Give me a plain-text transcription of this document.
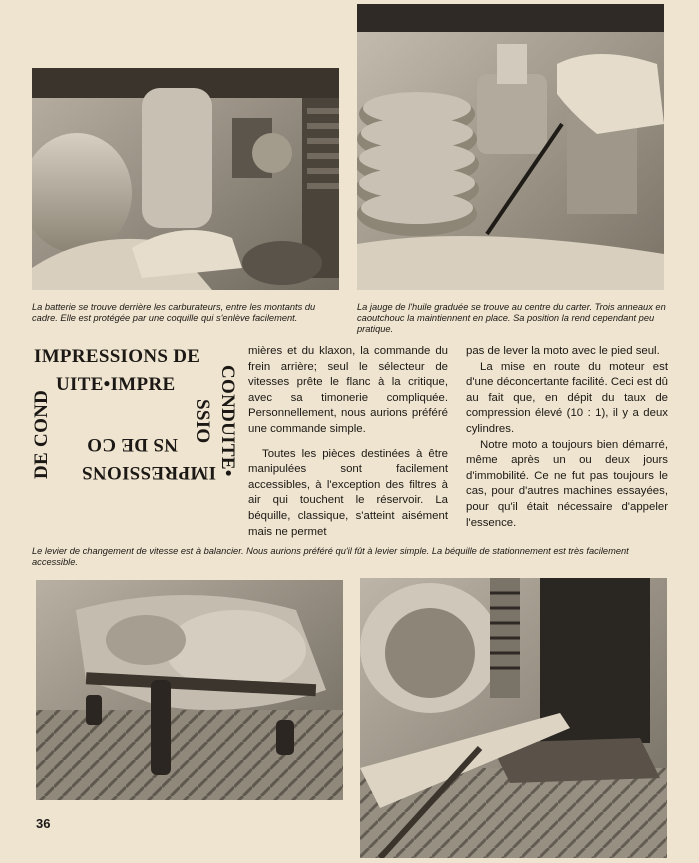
La batterie se trouve derrière les carburateurs, entre les montants du cadre. Elle est protégée par une coquille qui s'enlève facilement.

La jauge de l'huile graduée se trouve au centre du carter. Trois anneaux en caoutchouc la maintiennent en place. Sa position la rend cependant peu pratique.

IMPRESSIONS DE
CONDUITE•
IMPRESSIONS
DE COND
UITE•IMPRE
SSIO
NS DE CO

mières et du klaxon, la commande du frein arrière; seul le sélecteur de vitesses prête le flanc à la critique, avec sa timonerie compliquée. Personnellement, nous aurions préféré une commande simple.

Toutes les pièces destinées à être manipulées sont facilement accessibles, à l'exception des filtres à air qui touchent le réservoir. La béquille, classique, s'atteint aisément mais ne permet

pas de lever la moto avec le pied seul.

La mise en route du moteur est d'une déconcertante facilité. Ceci est dû au fait que, en dépit du taux de compression élevé (10 : 1), il y a deux cylindres.

Notre moto a toujours bien démarré, même après un ou deux jours d'immobilité. Ce ne fut pas toujours le cas, pour d'autres machines essayées, pour qu'il était nécessaire d'appeler l'essence.

Le levier de changement de vitesse est à balancier. Nous aurions préféré qu'il fût à levier simple. La béquille de stationnement est très facilement accessible.

36
